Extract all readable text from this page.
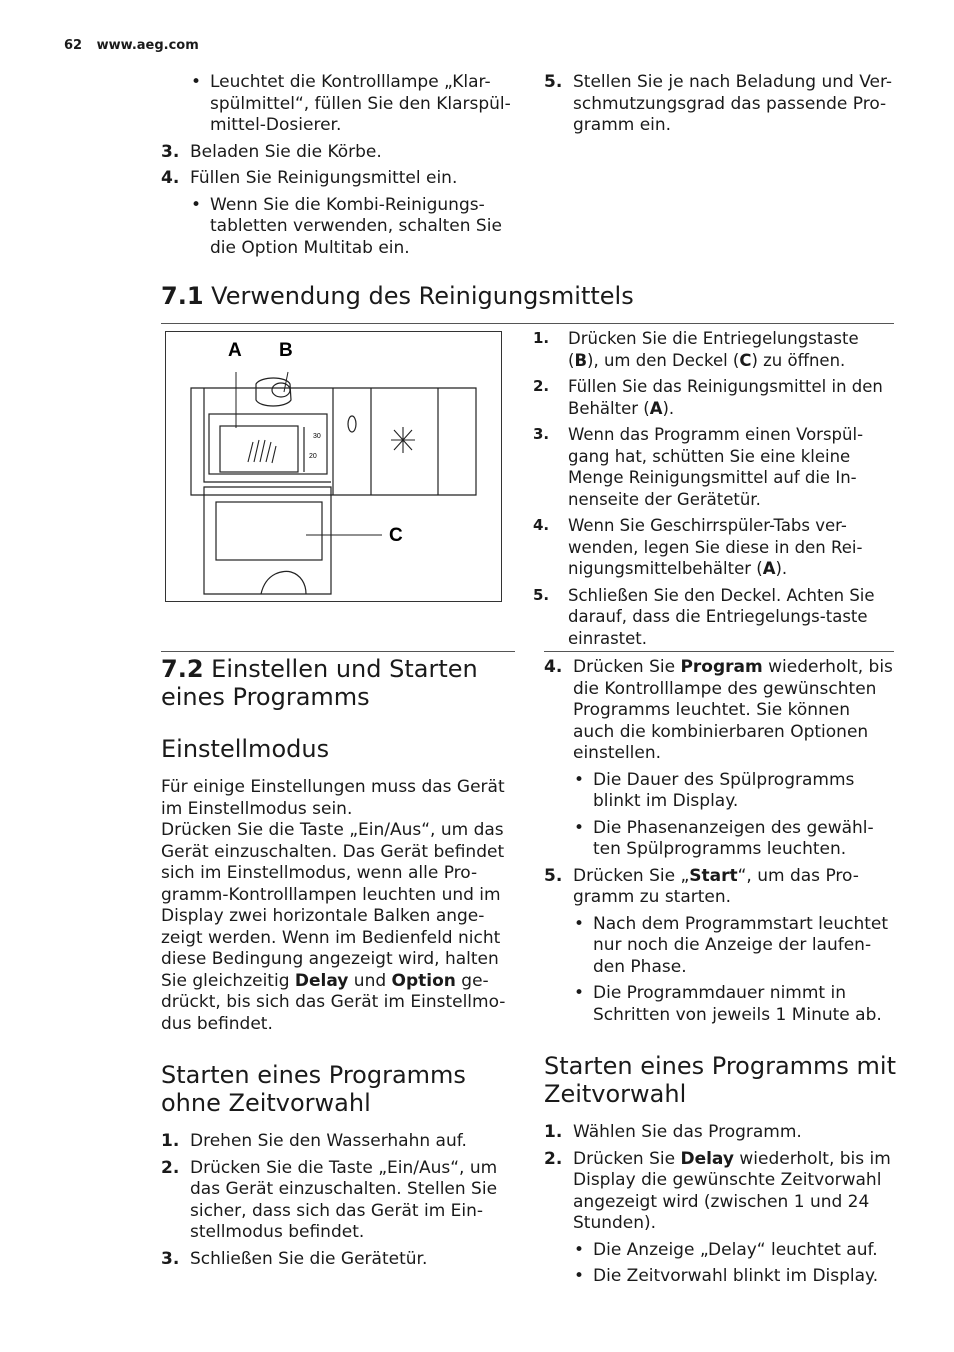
62 www.aeg.com
• Leuchtet die Kontrolllampe „Klar-spülmittel“, füllen Sie den Klarspül-mittel-Dosierer.
3. Beladen Sie die Körbe.
4. Füllen Sie Reinigungsmittel ein.
• Wenn Sie die Kombi-Reinigungs-tabletten verwenden, schalten Sie die Option Multitab ein.
5. Stellen Sie je nach Beladung und Ver-schmutzungsgrad das passende Pro-gramm ein.
7.1 Verwendung des Reinigungsmittels
A B
C
30
20
1.	Drücken Sie die Entriegelungstaste (B), um den Deckel (C) zu öffnen.
2.	Füllen Sie das Reinigungsmittel in den Behälter (A).
3.	Wenn das Programm einen Vorspül-gang hat, schütten Sie eine kleine Menge Reinigungsmittel auf die In-nenseite der Gerätetür.
4.	Wenn Sie Geschirrspüler-Tabs ver-wenden, legen Sie diese in den Rei-nigungsmittelbehälter (A).
5.	Schließen Sie den Deckel. Achten Sie darauf, dass die Entriegelungs-taste einrastet.
7.2 Einstellen und Starten
eines Programms
Einstellmodus
Für einige Einstellungen muss das Gerät im Einstellmodus sein.
Drücken Sie die Taste „Ein/Aus“, um das Gerät einzuschalten. Das Gerät befindet sich im Einstellmodus, wenn alle Pro-gramm-Kontrolllampen leuchten und im Display zwei horizontale Balken ange-zeigt werden. Wenn im Bedienfeld nicht diese Bedingung angezeigt wird, halten Sie gleichzeitig Delay und Option ge-drückt, bis sich das Gerät im Einstellmo-dus befindet.
Starten eines Programms ohne Zeitvorwahl
1. Drehen Sie den Wasserhahn auf.
2. Drücken Sie die Taste „Ein/Aus“, um das Gerät einzuschalten. Stellen Sie sicher, dass sich das Gerät im Ein-stellmodus befindet.
3. Schließen Sie die Gerätetür.
4. Drücken Sie Program wiederholt, bis die Kontrolllampe des gewünschten Programms leuchtet. Sie können auch die kombinierbaren Optionen einstellen.
• Die Dauer des Spülprogramms blinkt im Display.
• Die Phasenanzeigen des gewähl-ten Spülprogramms leuchten.
5. Drücken Sie „Start“, um das Pro-gramm zu starten.
• Nach dem Programmstart leuchtet nur noch die Anzeige der laufen-den Phase.
• Die Programmdauer nimmt in Schritten von jeweils 1 Minute ab.
Starten eines Programms mit Zeitvorwahl
1. Wählen Sie das Programm.
2. Drücken Sie Delay wiederholt, bis im Display die gewünschte Zeitvorwahl angezeigt wird (zwischen 1 und 24 Stunden).
• Die Anzeige „Delay“ leuchtet auf.
• Die Zeitvorwahl blinkt im Display.
